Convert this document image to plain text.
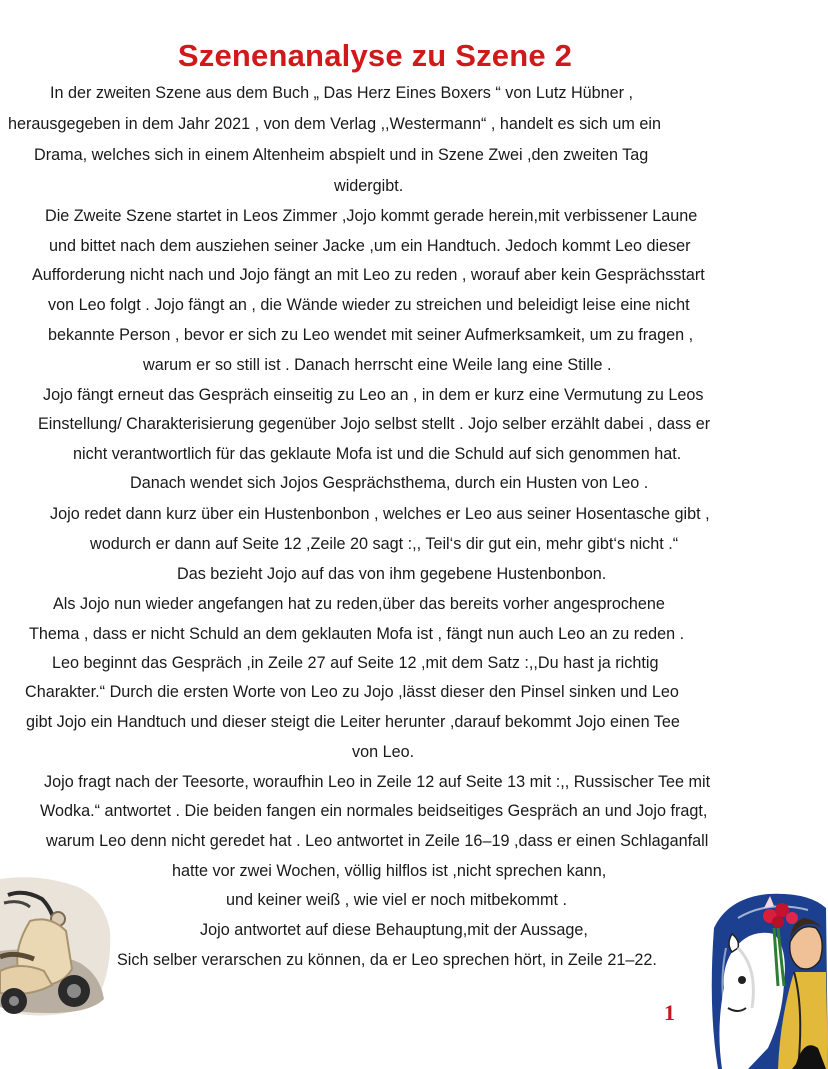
Szenenanalyse zu Szene 2
In der zweiten Szene aus dem Buch „ Das Herz Eines Boxers “ von Lutz Hübner ,
herausgegeben in dem Jahr 2021 , von dem Verlag ,,Westermann“ , handelt es sich um ein
Drama, welches sich in einem Altenheim abspielt und in Szene Zwei ,den zweiten Tag
widergibt.
Die Zweite Szene startet in Leos Zimmer ,Jojo kommt gerade herein,mit verbissener Laune
und bittet nach dem ausziehen seiner Jacke ,um ein Handtuch. Jedoch kommt Leo dieser
Aufforderung nicht nach und Jojo fängt an mit Leo zu reden , worauf aber kein Gesprächsstart
von Leo folgt . Jojo fängt an , die Wände wieder zu streichen und beleidigt leise eine nicht
bekannte Person , bevor er sich zu Leo wendet mit seiner Aufmerksamkeit, um zu fragen ,
warum er so still ist . Danach herrscht eine Weile lang eine Stille .
Jojo fängt erneut das Gespräch einseitig zu Leo an , in dem er kurz eine Vermutung zu Leos
Einstellung/ Charakterisierung gegenüber Jojo selbst stellt . Jojo selber erzählt dabei , dass er
nicht verantwortlich für das geklaute Mofa ist und die Schuld auf sich genommen hat.
Danach wendet sich Jojos Gesprächsthema, durch ein Husten von Leo .
Jojo redet dann kurz über ein Hustenbonbon , welches er Leo aus seiner Hosentasche gibt ,
wodurch er dann auf Seite 12 ,Zeile 20 sagt :,, Teil‘s dir gut ein, mehr gibt‘s nicht .“
Das bezieht Jojo auf das von ihm gegebene Hustenbonbon.
Als Jojo nun wieder angefangen hat zu reden,über das bereits vorher angesprochene
Thema , dass er nicht Schuld an dem geklauten Mofa ist , fängt nun auch Leo an zu reden .
Leo beginnt das Gespräch ,in Zeile 27 auf Seite 12 ,mit dem Satz :,,Du hast ja richtig
Charakter.“ Durch die ersten Worte von Leo zu Jojo ,lässt dieser den Pinsel sinken und Leo
gibt Jojo ein Handtuch und dieser steigt die Leiter herunter ,darauf bekommt Jojo einen Tee
von Leo.
Jojo fragt nach der Teesorte, woraufhin Leo in Zeile 12 auf Seite 13 mit :,, Russischer Tee mit
Wodka.“ antwortet . Die beiden fangen ein normales beidseitiges Gespräch an und Jojo fragt,
warum Leo denn nicht geredet hat . Leo antwortet in Zeile 16–19 ,dass er einen Schlaganfall
hatte vor zwei Wochen, völlig hilflos ist ,nicht sprechen kann,
und keiner weiß , wie viel er noch mitbekommt .
Jojo antwortet auf diese Behauptung,mit der Aussage,
Sich selber verarschen zu können, da er Leo sprechen hört, in Zeile 21–22.
1
